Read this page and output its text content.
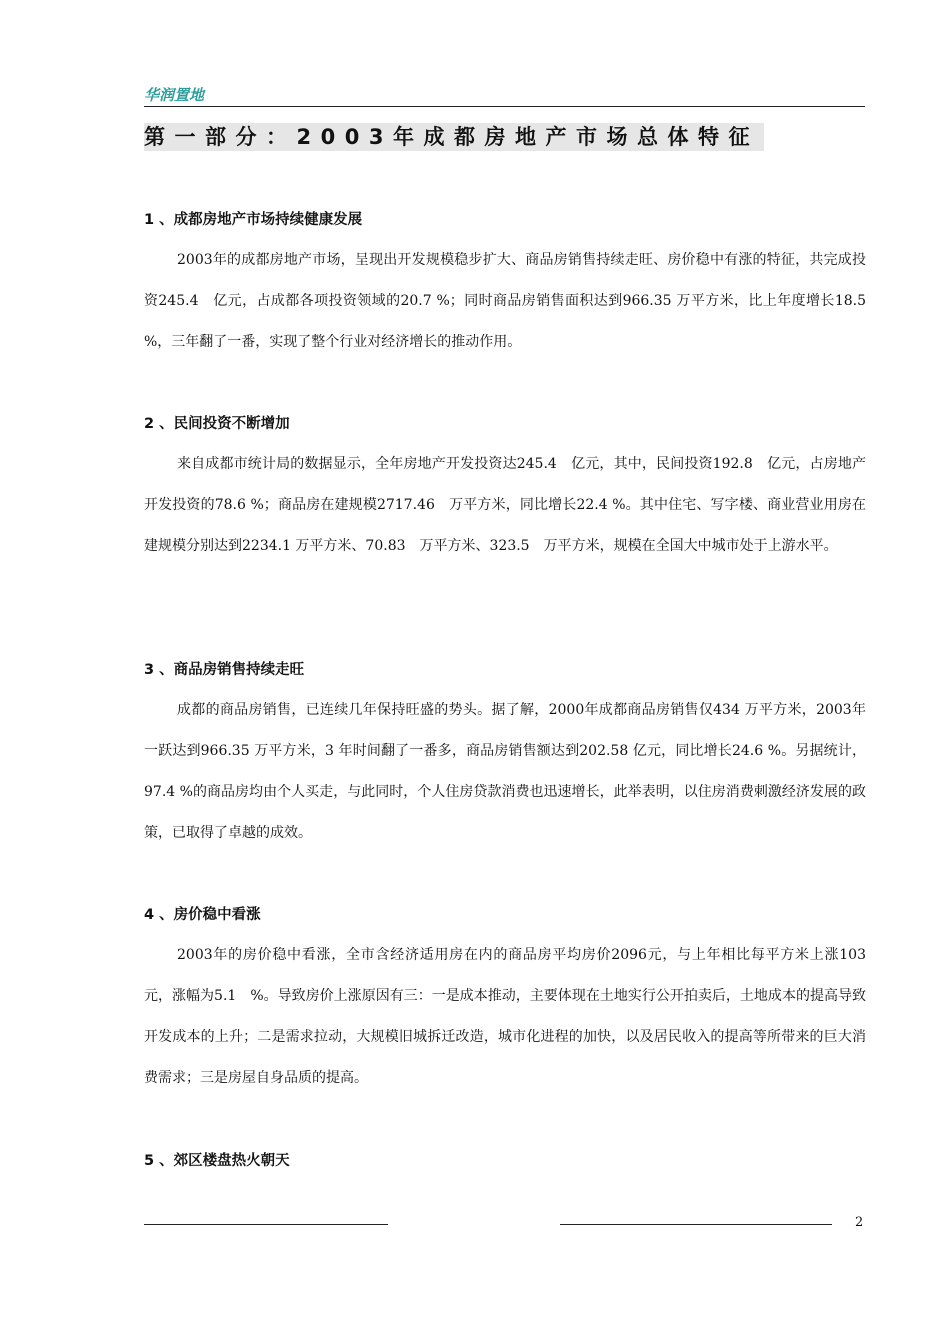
华润置地
第一部分：2003年成都房地产市场总体特征
1 、成都房地产市场持续健康发展
2003年的成都房地产市场，呈现出开发规模稳步扩大、商品房销售持续走旺、房价稳中有涨的特征，共完成投资245.4　亿元，占成都各项投资领域的20.7 %；同时商品房销售面积达到966.35 万平方米，比上年度增长18.5 %，三年翻了一番，实现了整个行业对经济增长的推动作用。
2 、民间投资不断增加
来自成都市统计局的数据显示，全年房地产开发投资达245.4　亿元，其中，民间投资192.8　亿元，占房地产开发投资的78.6 %；商品房在建规模2717.46　万平方米，同比增长22.4 %。其中住宅、写字楼、商业营业用房在建规模分别达到2234.1 万平方米、70.83　万平方米、323.5　万平方米，规模在全国大中城市处于上游水平。
3 、商品房销售持续走旺
成都的商品房销售，已连续几年保持旺盛的势头。据了解，2000年成都商品房销售仅434 万平方米，2003年一跃达到966.35 万平方米，3 年时间翻了一番多，商品房销售额达到202.58 亿元，同比增长24.6 %。另据统计，97.4 %的商品房均由个人买走，与此同时，个人住房贷款消费也迅速增长，此举表明，以住房消费刺激经济发展的政策，已取得了卓越的成效。
4 、房价稳中看涨
2003年的房价稳中看涨，全市含经济适用房在内的商品房平均房价2096元，与上年相比每平方米上涨103　元，涨幅为5.1　%。导致房价上涨原因有三：一是成本推动，主要体现在土地实行公开拍卖后，土地成本的提高导致开发成本的上升；二是需求拉动，大规模旧城拆迁改造，城市化进程的加快，以及居民收入的提高等所带来的巨大消费需求；三是房屋自身品质的提高。
5 、郊区楼盘热火朝天
2
